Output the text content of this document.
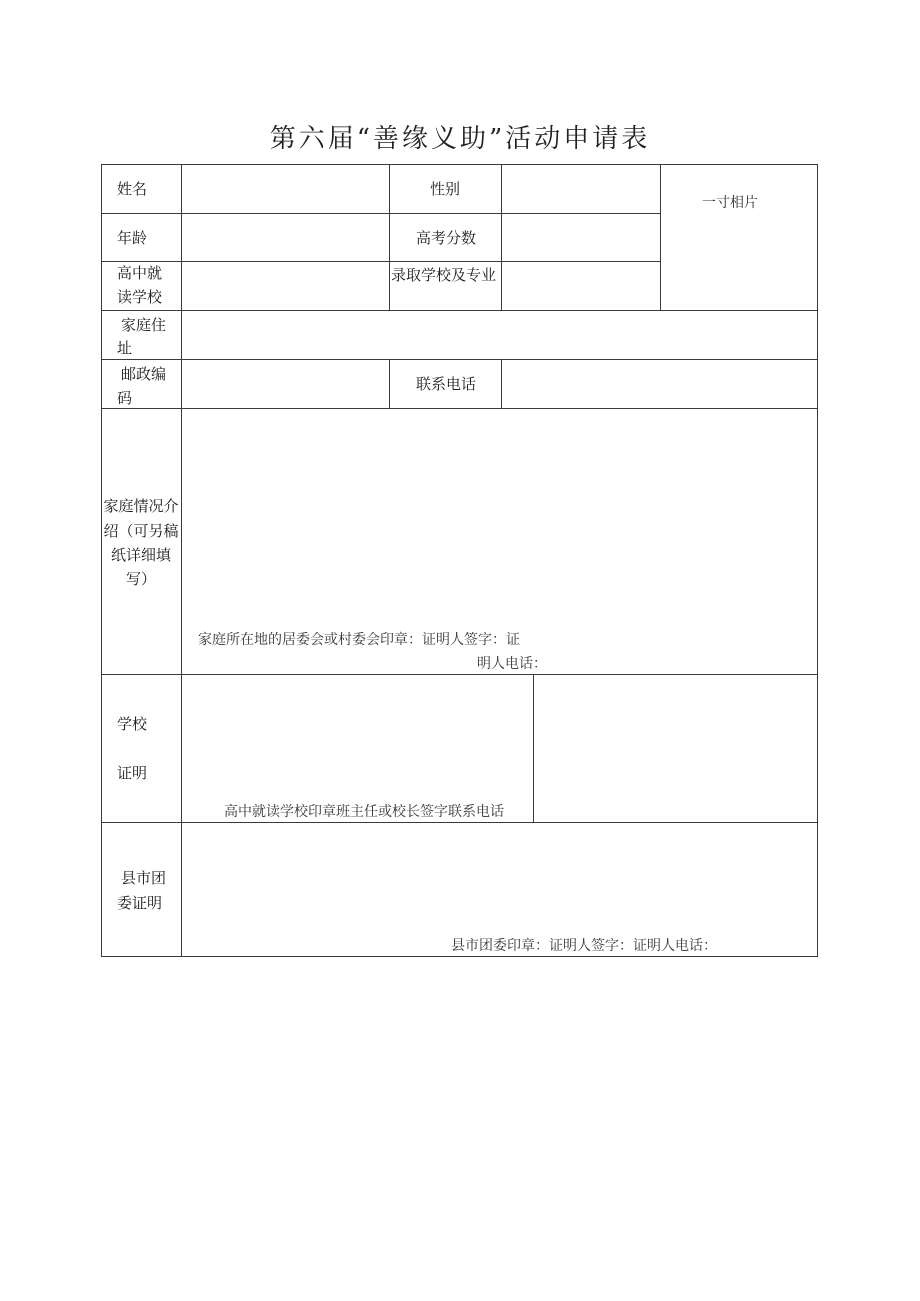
第六届“善缘义助”活动申请表
姓名	性别
一寸相片
年龄	高考分数
高中就
读学校
录取学校及专业
家庭住
址
邮政编
码
联系电话
家庭情况介
绍（可另稿
纸详细填
写）
家庭所在地的居委会或村委会印章：证明人签字：证
明人电话：
学校
证明
高中就读学校印章班主任或校长签字联系电话
县市团
委证明
县市团委印章：证明人签字：证明人电话：
